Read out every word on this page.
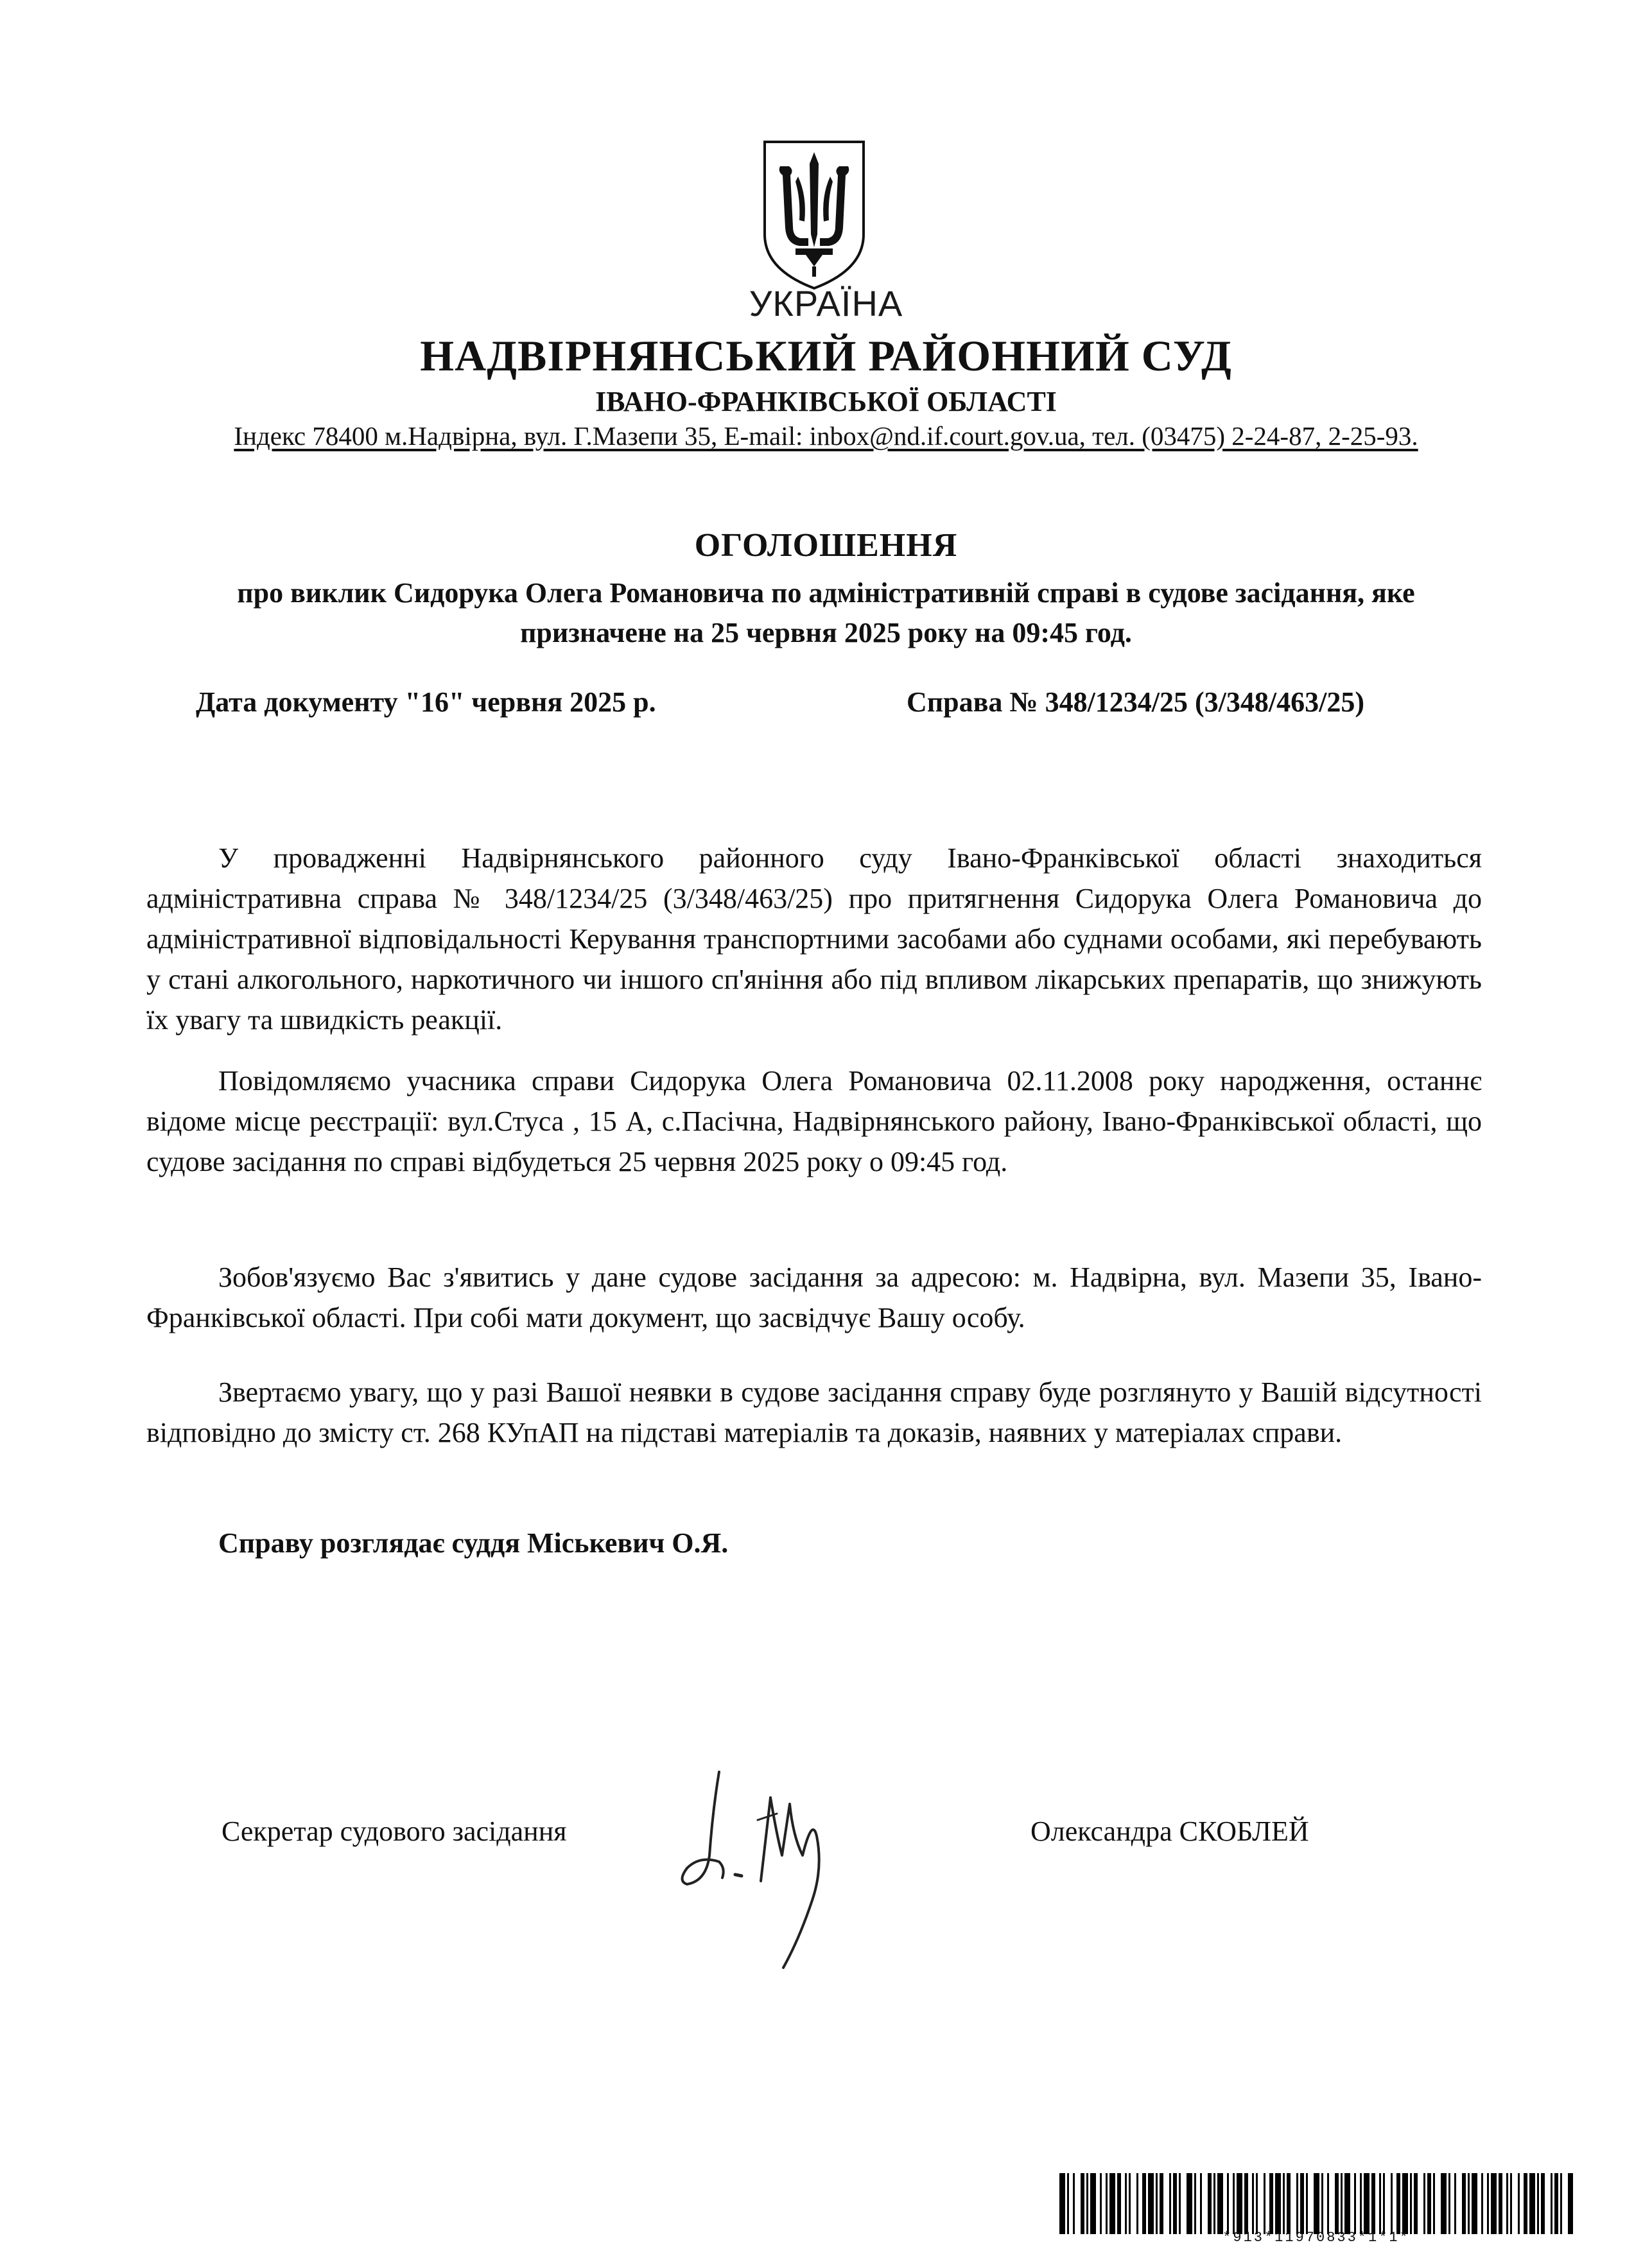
УКРАЇНА
НАДВІРНЯНСЬКИЙ РАЙОННИЙ СУД
ІВАНО-ФРАНКІВСЬКОЇ ОБЛАСТІ
Індекс 78400 м.Надвірна, вул. Г.Мазепи 35, E-mail: inbox@nd.if.court.gov.ua, тел. (03475) 2-24-87, 2-25-93.
ОГОЛОШЕННЯ
про виклик Сидорука Олега Романовича по адміністративній справі в судове засідання, яке призначене на 25 червня 2025 року на 09:45 год.
Дата документу "16" червня 2025 р.	Справа № 348/1234/25 (3/348/463/25)
У провадженні Надвірнянського районного суду Івано-Франківської області знаходиться адміністративна справа № 348/1234/25 (3/348/463/25) про притягнення Сидорука Олега Романовича до адміністративної відповідальності Керування транспортними засобами або суднами особами, які перебувають у стані алкогольного, наркотичного чи іншого сп'яніння або під впливом лікарських препаратів, що знижують їх увагу та швидкість реакції.
Повідомляємо учасника справи Сидорука Олега Романовича 02.11.2008 року народження, останнє відоме місце реєстрації: вул.Стуса , 15 А, с.Пасічна, Надвірнянського району, Івано-Франківської області, що судове засідання по справі відбудеться 25 червня 2025 року о 09:45 год.
Зобов'язуємо Вас з'явитись у дане судове засідання за адресою: м. Надвірна, вул. Мазепи 35, Івано-Франківської області. При собі мати документ, що засвідчує Вашу особу.
Звертаємо увагу, що у разі Вашої неявки в судове засідання справу буде розглянуто у Вашій відсутності відповідно до змісту ст. 268 КУпАП на підставі матеріалів та доказів, наявних у матеріалах справи.
Справу розглядає суддя Міськевич О.Я.
Секретар судового засідання	Олександра СКОБЛЕЙ
*913*11970833*1*1*
